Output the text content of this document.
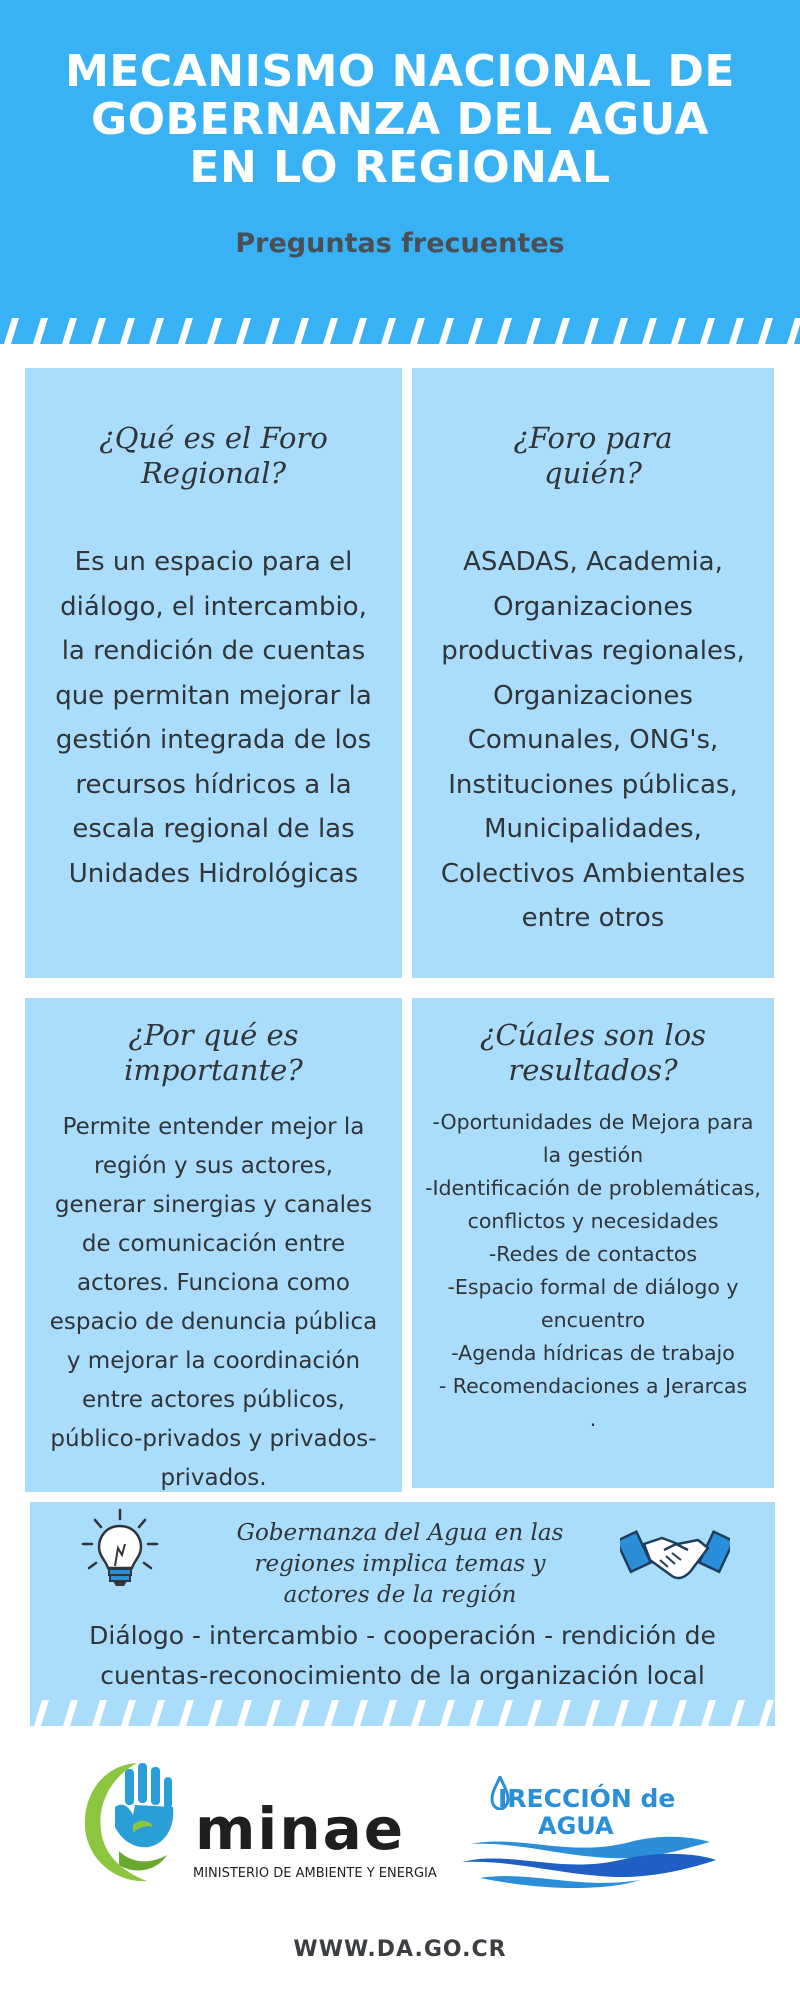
MECANISMO NACIONAL DE
GOBERNANZA DEL AGUA
EN LO REGIONAL
Preguntas frecuentes
¿Qué es el Foro
Regional?
Es un espacio para el
diálogo, el intercambio,
la rendición de cuentas
que permitan mejorar la
gestión integrada de los
recursos hídricos a la
escala regional de las
Unidades Hidrológicas
¿Foro para
quién?
ASADAS, Academia,
Organizaciones
productivas regionales,
Organizaciones
Comunales, ONG's,
Instituciones públicas,
Municipalidades,
Colectivos Ambientales
entre otros
¿Por qué es
importante?
Permite entender mejor la
región y sus actores,
generar sinergias y canales
de comunicación entre
actores. Funciona como
espacio de denuncia pública
y mejorar la coordinación
entre actores públicos,
público-privados y privados-
privados.
¿Cúales son los
resultados?
-Oportunidades de Mejora para
la gestión
-Identificación de problemáticas,
conflictos y necesidades
-Redes de contactos
-Espacio formal de diálogo y
encuentro
-Agenda hídricas de trabajo
- Recomendaciones a Jerarcas
.
Gobernanza del Agua en las
regiones implica temas y
actores de la región
Diálogo - intercambio - cooperación - rendición de
cuentas-reconocimiento de la organización local
minae
MINISTERIO DE AMBIENTE Y ENERGIA
IRECCIÓN de
AGUA
WWW.DA.GO.CR
